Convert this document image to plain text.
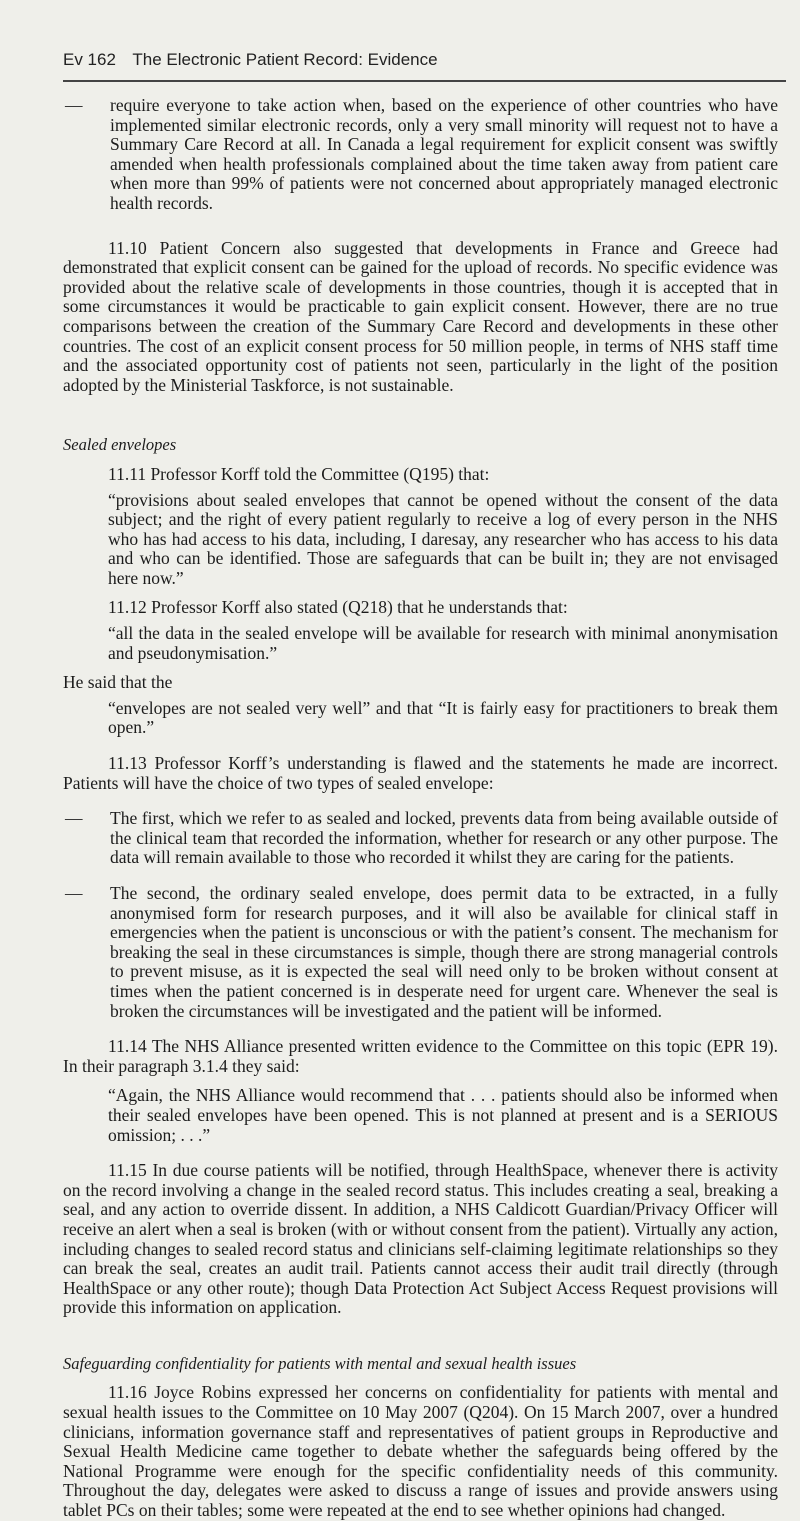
Ev 162 The Electronic Patient Record: Evidence
—	require everyone to take action when, based on the experience of other countries who have implemented similar electronic records, only a very small minority will request not to have a Summary Care Record at all. In Canada a legal requirement for explicit consent was swiftly amended when health professionals complained about the time taken away from patient care when more than 99% of patients were not concerned about appropriately managed electronic health records.

11.10 Patient Concern also suggested that developments in France and Greece had demonstrated that explicit consent can be gained for the upload of records. No specific evidence was provided about the relative scale of developments in those countries, though it is accepted that in some circumstances it would be practicable to gain explicit consent. However, there are no true comparisons between the creation of the Summary Care Record and developments in these other countries. The cost of an explicit consent process for 50 million people, in terms of NHS staff time and the associated opportunity cost of patients not seen, particularly in the light of the position adopted by the Ministerial Taskforce, is not sustainable.

Sealed envelopes

11.11 Professor Korff told the Committee (Q195) that:

“provisions about sealed envelopes that cannot be opened without the consent of the data subject; and the right of every patient regularly to receive a log of every person in the NHS who has had access to his data, including, I daresay, any researcher who has access to his data and who can be identified. Those are safeguards that can be built in; they are not envisaged here now.”

11.12 Professor Korff also stated (Q218) that he understands that:

“all the data in the sealed envelope will be available for research with minimal anonymisation and pseudonymisation.”

He said that the

“envelopes are not sealed very well” and that “It is fairly easy for practitioners to break them open.”

11.13 Professor Korff’s understanding is flawed and the statements he made are incorrect. Patients will have the choice of two types of sealed envelope:

—	The first, which we refer to as sealed and locked, prevents data from being available outside of the clinical team that recorded the information, whether for research or any other purpose. The data will remain available to those who recorded it whilst they are caring for the patients.

—	The second, the ordinary sealed envelope, does permit data to be extracted, in a fully anonymised form for research purposes, and it will also be available for clinical staff in emergencies when the patient is unconscious or with the patient’s consent. The mechanism for breaking the seal in these circumstances is simple, though there are strong managerial controls to prevent misuse, as it is expected the seal will need only to be broken without consent at times when the patient concerned is in desperate need for urgent care. Whenever the seal is broken the circumstances will be investigated and the patient will be informed.

11.14 The NHS Alliance presented written evidence to the Committee on this topic (EPR 19). In their paragraph 3.1.4 they said:

“Again, the NHS Alliance would recommend that . . . patients should also be informed when their sealed envelopes have been opened. This is not planned at present and is a SERIOUS omission; . . .”

11.15 In due course patients will be notified, through HealthSpace, whenever there is activity on the record involving a change in the sealed record status. This includes creating a seal, breaking a seal, and any action to override dissent. In addition, a NHS Caldicott Guardian/Privacy Officer will receive an alert when a seal is broken (with or without consent from the patient). Virtually any action, including changes to sealed record status and clinicians self-claiming legitimate relationships so they can break the seal, creates an audit trail. Patients cannot access their audit trail directly (through HealthSpace or any other route); though Data Protection Act Subject Access Request provisions will provide this information on application.

Safeguarding confidentiality for patients with mental and sexual health issues

11.16 Joyce Robins expressed her concerns on confidentiality for patients with mental and sexual health issues to the Committee on 10 May 2007 (Q204). On 15 March 2007, over a hundred clinicians, information governance staff and representatives of patient groups in Reproductive and Sexual Health Medicine came together to debate whether the safeguards being offered by the National Programme were enough for the specific confidentiality needs of this community. Throughout the day, delegates were asked to discuss a range of issues and provide answers using tablet PCs on their tables; some were repeated at the end to see whether opinions had changed.
